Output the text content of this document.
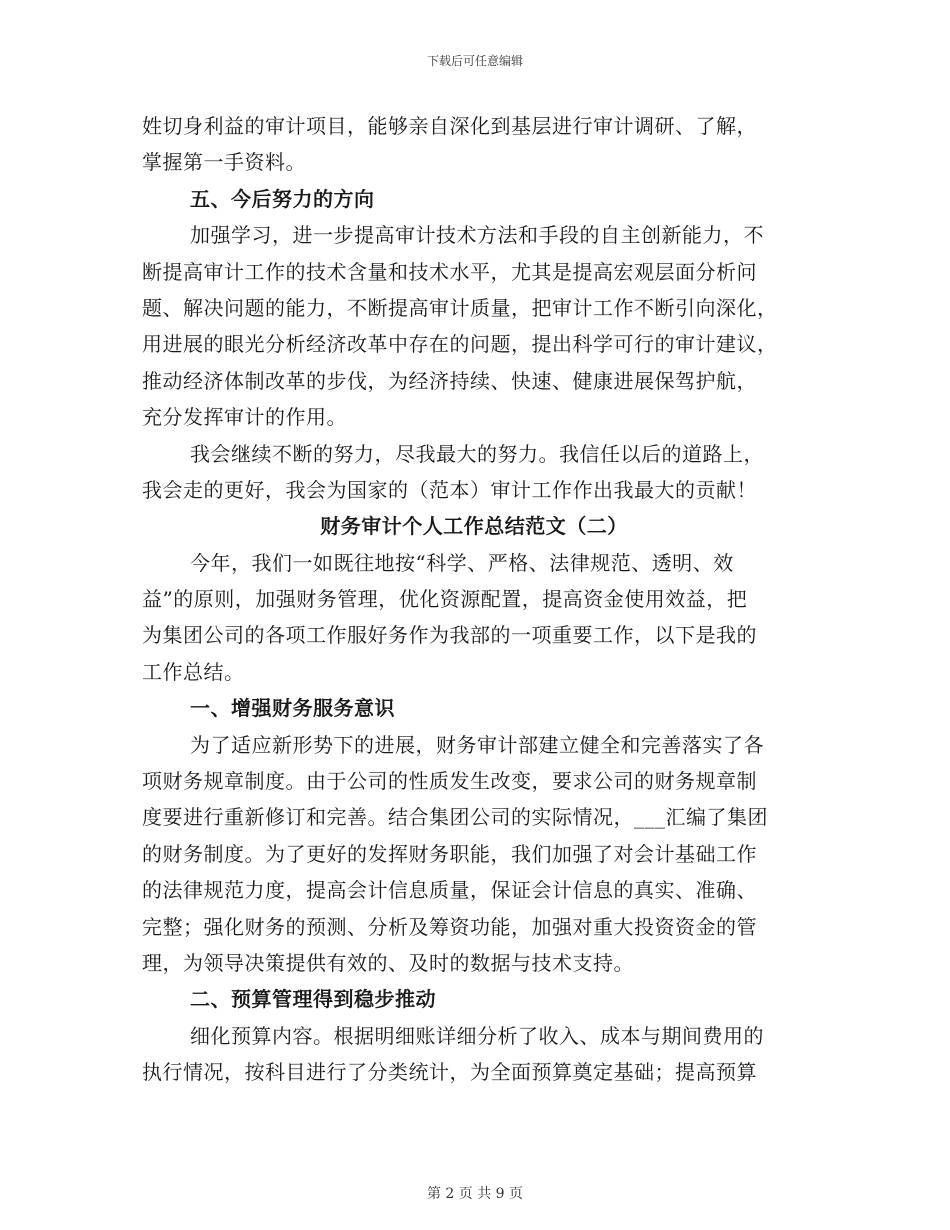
下载后可任意编辑
姓切身利益的审计项目，能够亲自深化到基层进行审计调研、了解，
掌握第一手资料。
五、今后努力的方向
加强学习，进一步提高审计技术方法和手段的自主创新能力，不
断提高审计工作的技术含量和技术水平，尤其是提高宏观层面分析问
题、解决问题的能力，不断提高审计质量，把审计工作不断引向深化，
用进展的眼光分析经济改革中存在的问题，提出科学可行的审计建议，
推动经济体制改革的步伐，为经济持续、快速、健康进展保驾护航，
充分发挥审计的作用。
我会继续不断的努力，尽我最大的努力。我信任以后的道路上，
我会走的更好，我会为国家的（范本）审计工作作出我最大的贡献！
财务审计个人工作总结范文（二）
今年，我们一如既往地按“科学、严格、法律规范、透明、效
益”的原则，加强财务管理，优化资源配置，提高资金使用效益，把
为集团公司的各项工作服好务作为我部的一项重要工作，以下是我的
工作总结。
一、增强财务服务意识
为了适应新形势下的进展，财务审计部建立健全和完善落实了各
项财务规章制度。由于公司的性质发生改变，要求公司的财务规章制
度要进行重新修订和完善。结合集团公司的实际情况，___汇编了集团
的财务制度。为了更好的发挥财务职能，我们加强了对会计基础工作
的法律规范力度，提高会计信息质量，保证会计信息的真实、准确、
完整；强化财务的预测、分析及筹资功能，加强对重大投资资金的管
理，为领导决策提供有效的、及时的数据与技术支持。
二、预算管理得到稳步推动
细化预算内容。根据明细账详细分析了收入、成本与期间费用的
执行情况，按科目进行了分类统计，为全面预算奠定基础；提高预算
第 2 页 共 9 页
